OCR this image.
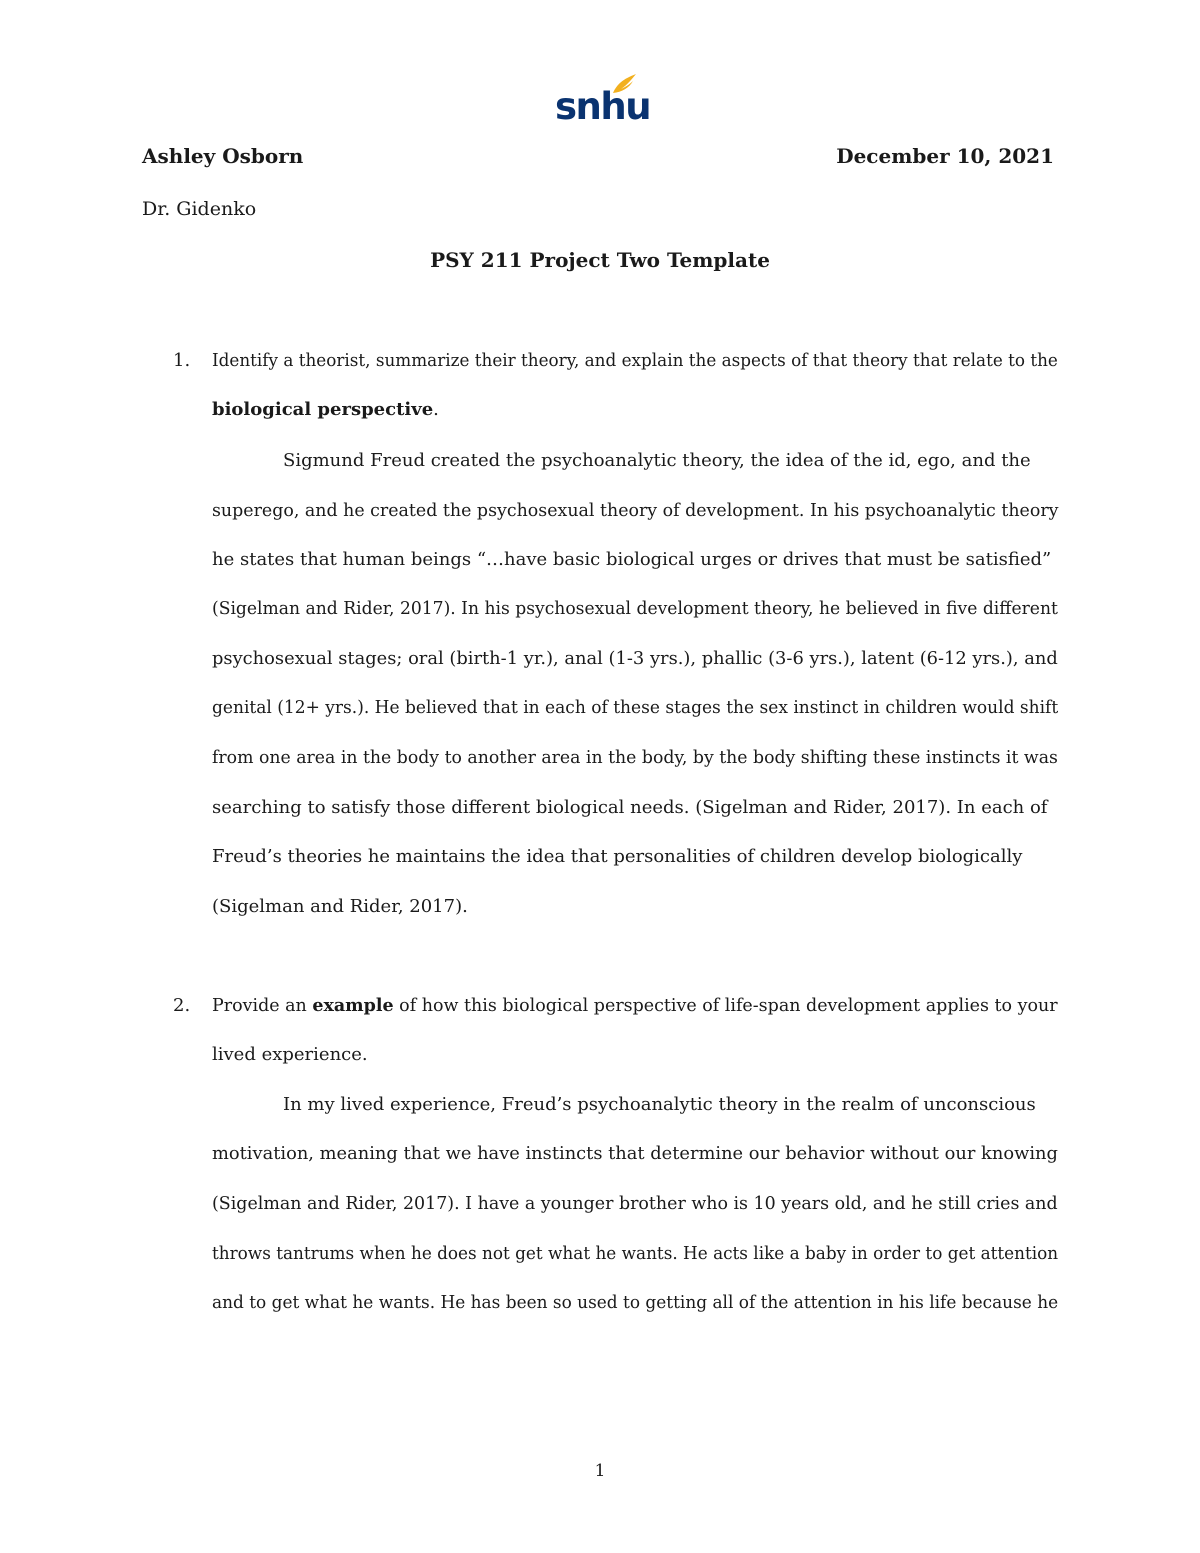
snhu
Ashley Osborn	December 10, 2021
Dr. Gidenko
PSY 211 Project Two Template
1. Identify a theorist, summarize their theory, and explain the aspects of that theory that relate to the
biological perspective.
Sigmund Freud created the psychoanalytic theory, the idea of the id, ego, and the
superego, and he created the psychosexual theory of development. In his psychoanalytic theory
he states that human beings “…have basic biological urges or drives that must be satisfied”
(Sigelman and Rider, 2017). In his psychosexual development theory, he believed in five different
psychosexual stages; oral (birth-1 yr.), anal (1-3 yrs.), phallic (3-6 yrs.), latent (6-12 yrs.), and
genital (12+ yrs.). He believed that in each of these stages the sex instinct in children would shift
from one area in the body to another area in the body, by the body shifting these instincts it was
searching to satisfy those different biological needs. (Sigelman and Rider, 2017). In each of
Freud’s theories he maintains the idea that personalities of children develop biologically
(Sigelman and Rider, 2017).
2. Provide an example of how this biological perspective of life-span development applies to your
lived experience.
In my lived experience, Freud’s psychoanalytic theory in the realm of unconscious
motivation, meaning that we have instincts that determine our behavior without our knowing
(Sigelman and Rider, 2017). I have a younger brother who is 10 years old, and he still cries and
throws tantrums when he does not get what he wants. He acts like a baby in order to get attention
and to get what he wants. He has been so used to getting all of the attention in his life because he
1
